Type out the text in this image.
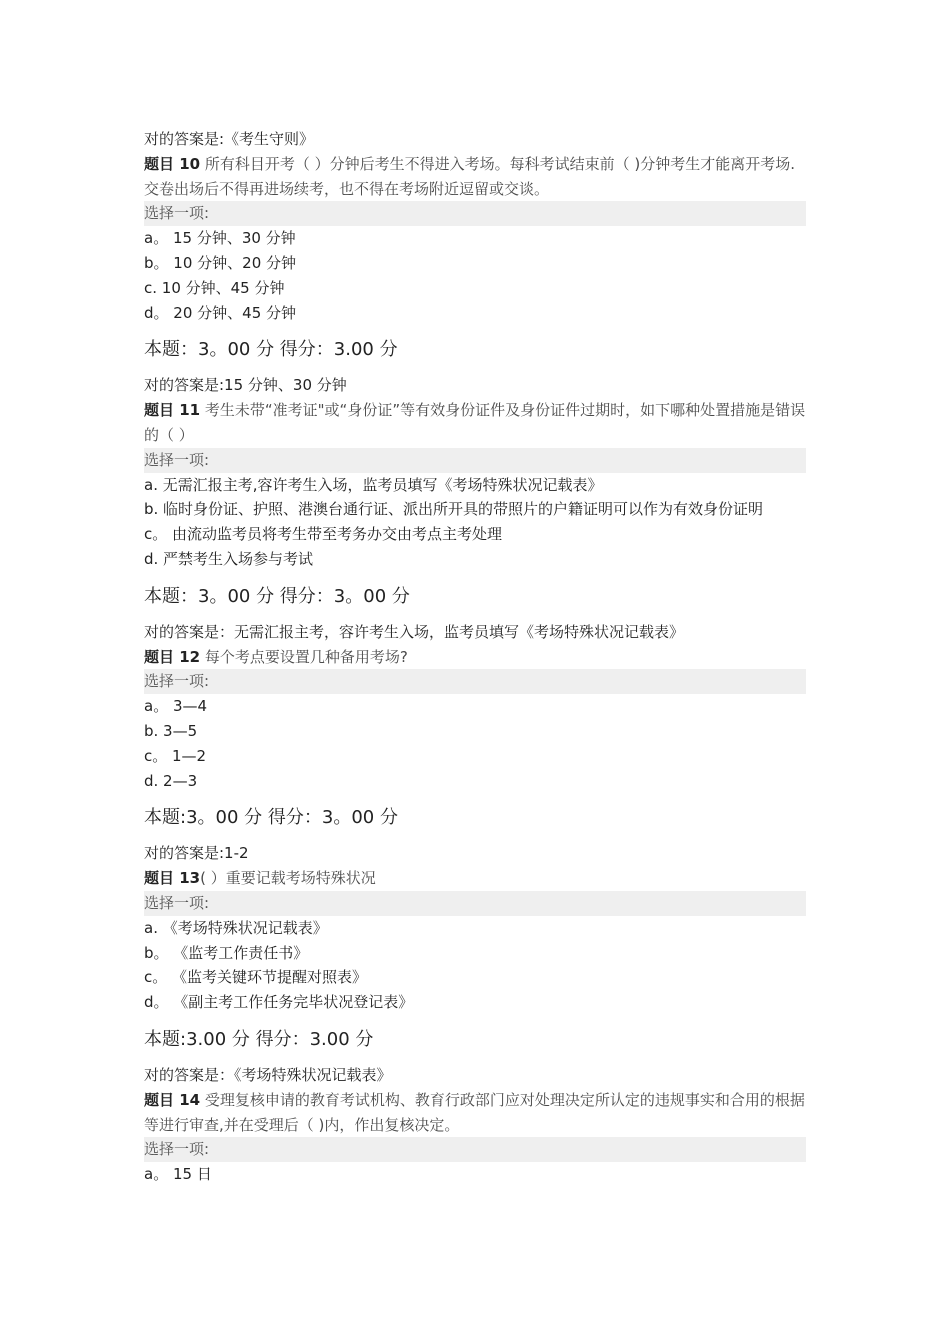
对的答案是:《考生守则》
题目 10 所有科目开考（ ）分钟后考生不得进入考场。每科考试结束前（ )分钟考生才能离开考场.交卷出场后不得再进场续考，也不得在考场附近逗留或交谈。
选择一项:
a。 15 分钟、30 分钟
b。 10 分钟、20 分钟
c. 10 分钟、45 分钟
d。 20 分钟、45 分钟
本题：3。00 分 得分：3.00 分
对的答案是:15 分钟、30 分钟
题目 11 考生未带“准考证"或“身份证”等有效身份证件及身份证件过期时，如下哪种处置措施是错误的（ ）
选择一项:
a. 无需汇报主考,容许考生入场，监考员填写《考场特殊状况记载表》
b. 临时身份证、护照、港澳台通行证、派出所开具的带照片的户籍证明可以作为有效身份证明
c。 由流动监考员将考生带至考务办交由考点主考处理
d. 严禁考生入场参与考试
本题：3。00 分 得分：3。00 分
对的答案是：无需汇报主考，容许考生入场，监考员填写《考场特殊状况记载表》
题目 12 每个考点要设置几种备用考场?
选择一项:
a。 3—4
b. 3—5
c。 1—2
d. 2—3
本题:3。00 分 得分：3。00 分
对的答案是:1-2
题目 13( ）重要记载考场特殊状况
选择一项:
a. 《考场特殊状况记载表》
b。 《监考工作责任书》
c。 《监考关键环节提醒对照表》
d。 《副主考工作任务完毕状况登记表》
本题:3.00 分 得分：3.00 分
对的答案是：《考场特殊状况记载表》
题目 14 受理复核申请的教育考试机构、教育行政部门应对处理决定所认定的违规事实和合用的根据等进行审查,并在受理后（ )内，作出复核决定。
选择一项:
a。 15 日
